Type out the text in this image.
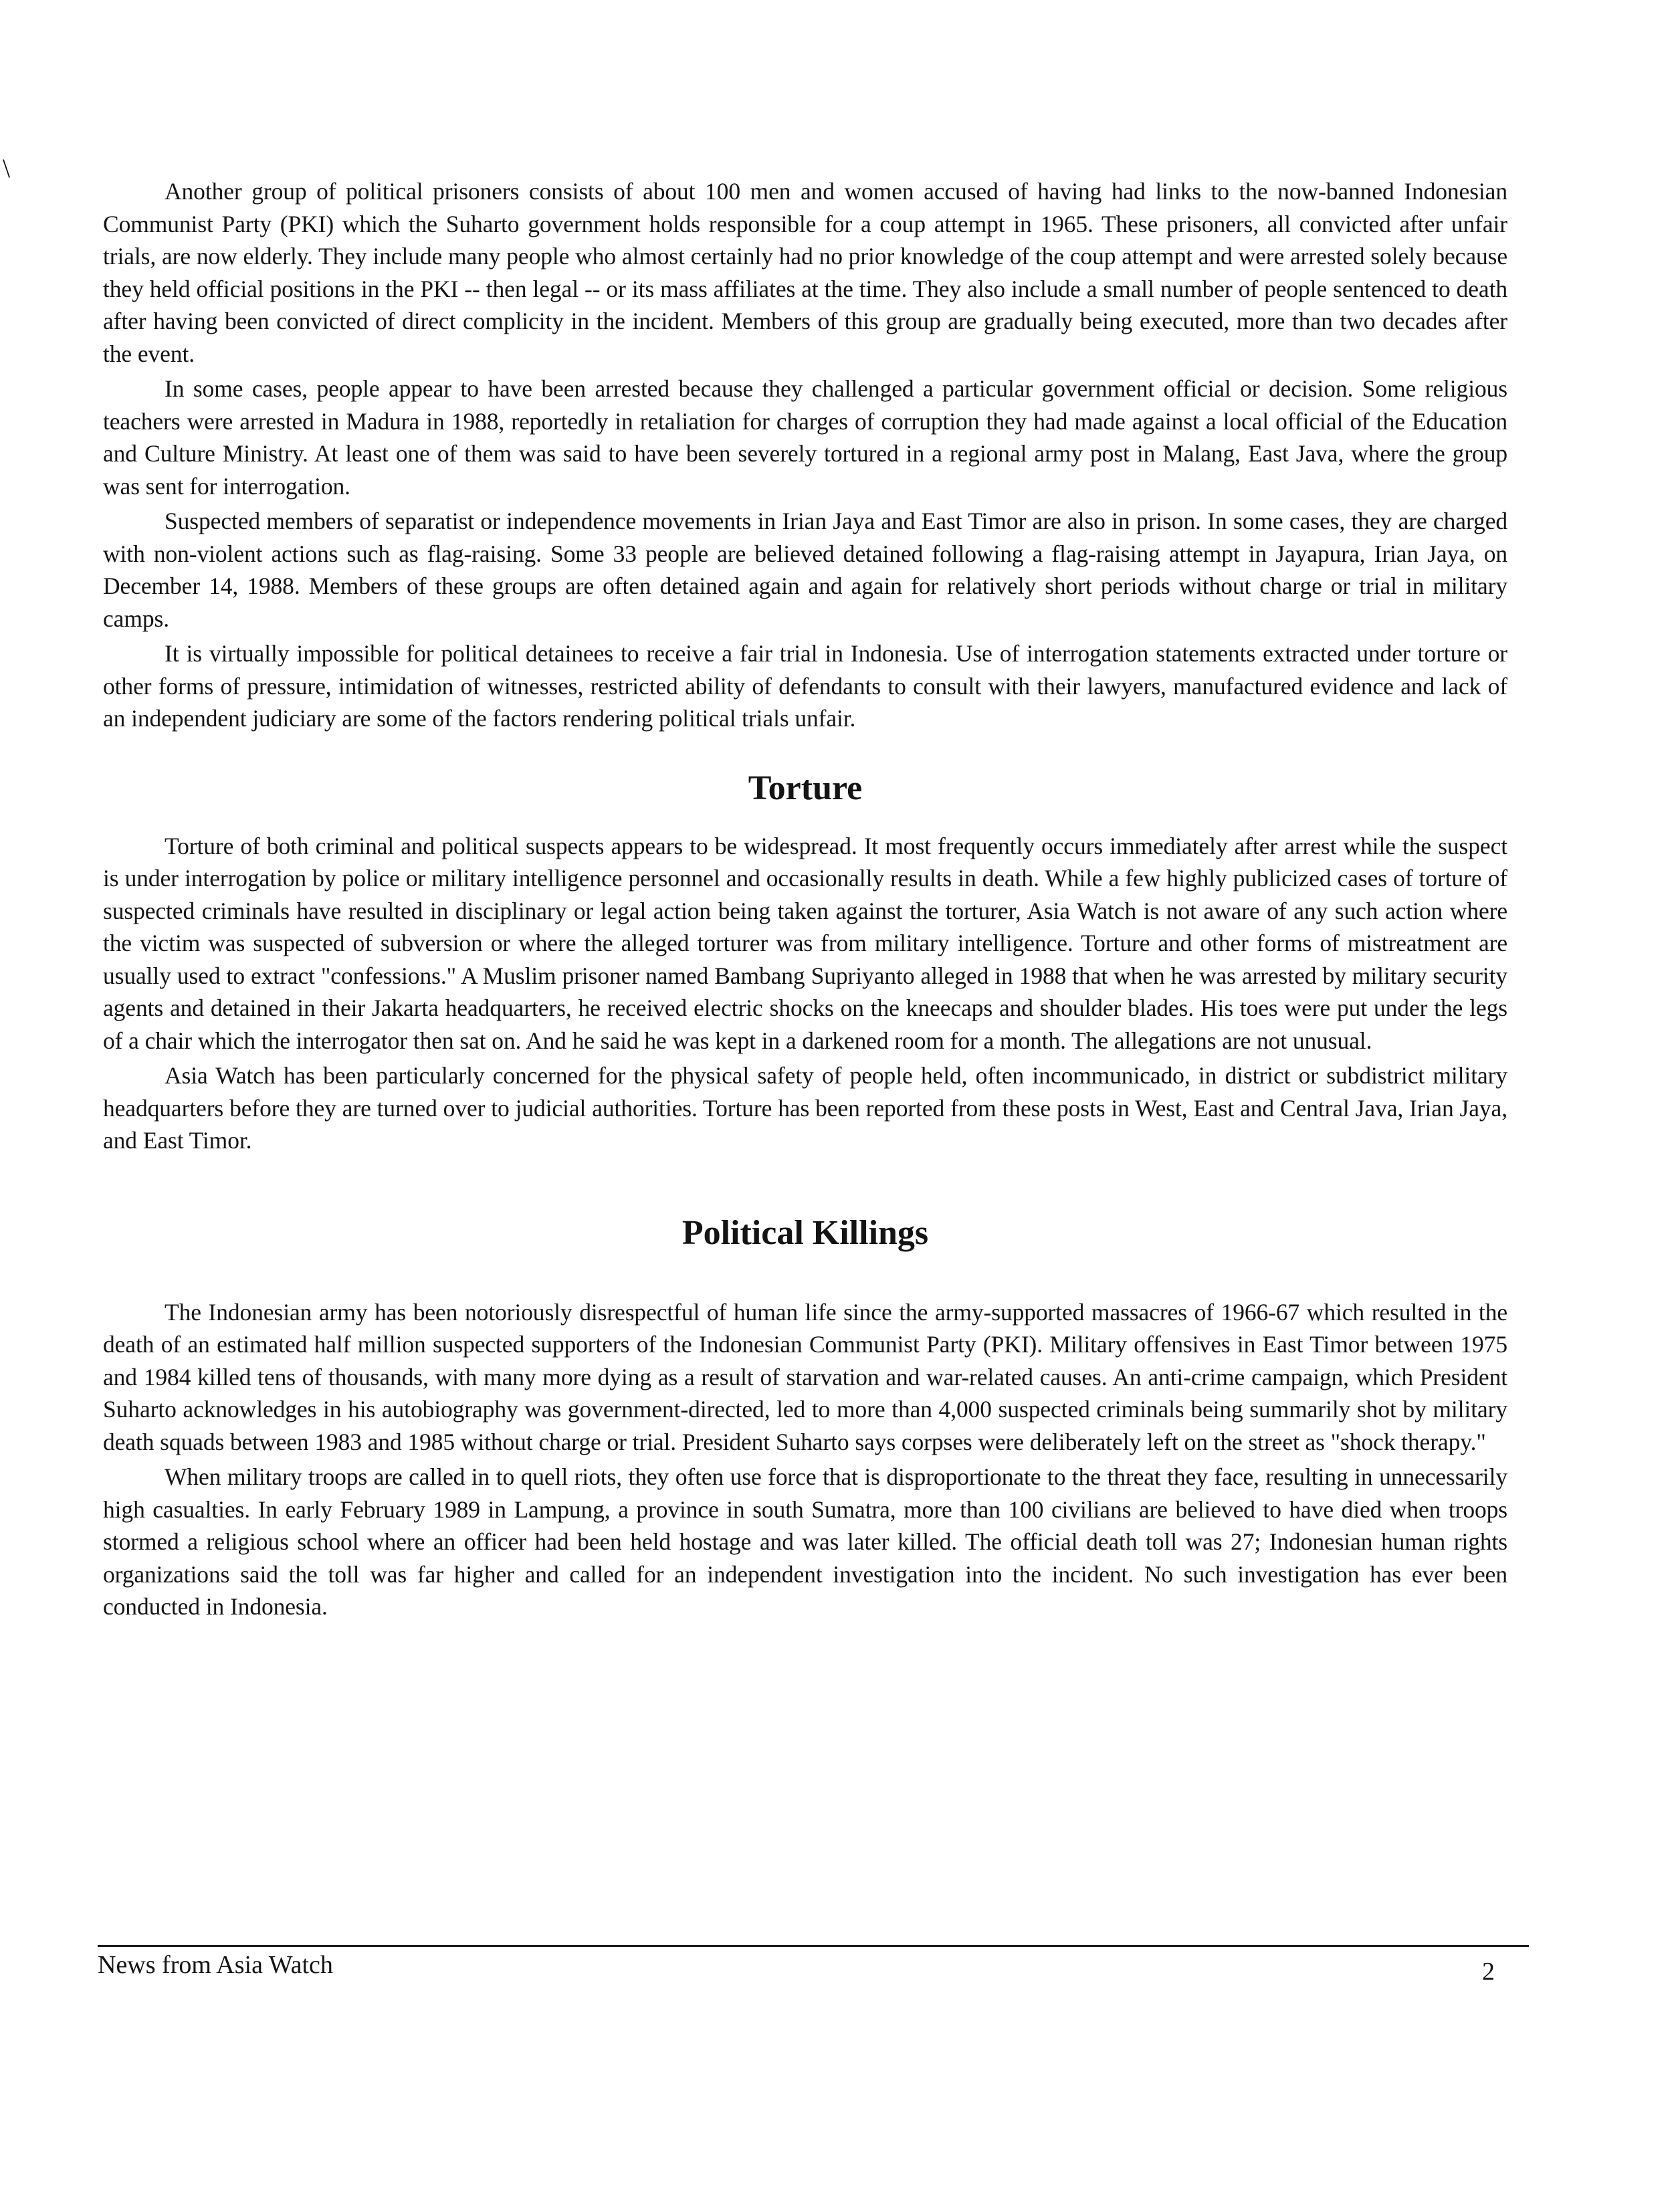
\

Another group of political prisoners consists of about 100 men and women accused of having had links to the now-banned Indonesian Communist Party (PKI) which the Suharto government holds responsible for a coup attempt in 1965. These prisoners, all convicted after unfair trials, are now elderly. They include many people who almost certainly had no prior knowledge of the coup attempt and were arrested solely because they held official positions in the PKI -- then legal -- or its mass affiliates at the time. They also include a small number of people sentenced to death after having been convicted of direct complicity in the incident. Members of this group are gradually being executed, more than two decades after the event.

In some cases, people appear to have been arrested because they challenged a particular government official or decision. Some religious teachers were arrested in Madura in 1988, reportedly in retaliation for charges of corruption they had made against a local official of the Education and Culture Ministry. At least one of them was said to have been severely tortured in a regional army post in Malang, East Java, where the group was sent for interrogation.

Suspected members of separatist or independence movements in Irian Jaya and East Timor are also in prison. In some cases, they are charged with non-violent actions such as flag-raising. Some 33 people are believed detained following a flag-raising attempt in Jayapura, Irian Jaya, on December 14, 1988. Members of these groups are often detained again and again for relatively short periods without charge or trial in military camps.

It is virtually impossible for political detainees to receive a fair trial in Indonesia. Use of interrogation statements extracted under torture or other forms of pressure, intimidation of witnesses, restricted ability of defendants to consult with their lawyers, manufactured evidence and lack of an independent judiciary are some of the factors rendering political trials unfair.

Torture

Torture of both criminal and political suspects appears to be widespread. It most frequently occurs immediately after arrest while the suspect is under interrogation by police or military intelligence personnel and occasionally results in death. While a few highly publicized cases of torture of suspected criminals have resulted in disciplinary or legal action being taken against the torturer, Asia Watch is not aware of any such action where the victim was suspected of subversion or where the alleged torturer was from military intelligence. Torture and other forms of mistreatment are usually used to extract "confessions." A Muslim prisoner named Bambang Supriyanto alleged in 1988 that when he was arrested by military security agents and detained in their Jakarta headquarters, he received electric shocks on the kneecaps and shoulder blades. His toes were put under the legs of a chair which the interrogator then sat on. And he said he was kept in a darkened room for a month. The allegations are not unusual.

Asia Watch has been particularly concerned for the physical safety of people held, often incommunicado, in district or subdistrict military headquarters before they are turned over to judicial authorities. Torture has been reported from these posts in West, East and Central Java, Irian Jaya, and East Timor.

Political Killings

The Indonesian army has been notoriously disrespectful of human life since the army-supported massacres of 1966-67 which resulted in the death of an estimated half million suspected supporters of the Indonesian Communist Party (PKI). Military offensives in East Timor between 1975 and 1984 killed tens of thousands, with many more dying as a result of starvation and war-related causes. An anti-crime campaign, which President Suharto acknowledges in his autobiography was government-directed, led to more than 4,000 suspected criminals being summarily shot by military death squads between 1983 and 1985 without charge or trial. President Suharto says corpses were deliberately left on the street as "shock therapy."

When military troops are called in to quell riots, they often use force that is disproportionate to the threat they face, resulting in unnecessarily high casualties. In early February 1989 in Lampung, a province in south Sumatra, more than 100 civilians are believed to have died when troops stormed a religious school where an officer had been held hostage and was later killed. The official death toll was 27; Indonesian human rights organizations said the toll was far higher and called for an independent investigation into the incident. No such investigation has ever been conducted in Indonesia.

News from Asia Watch	2
